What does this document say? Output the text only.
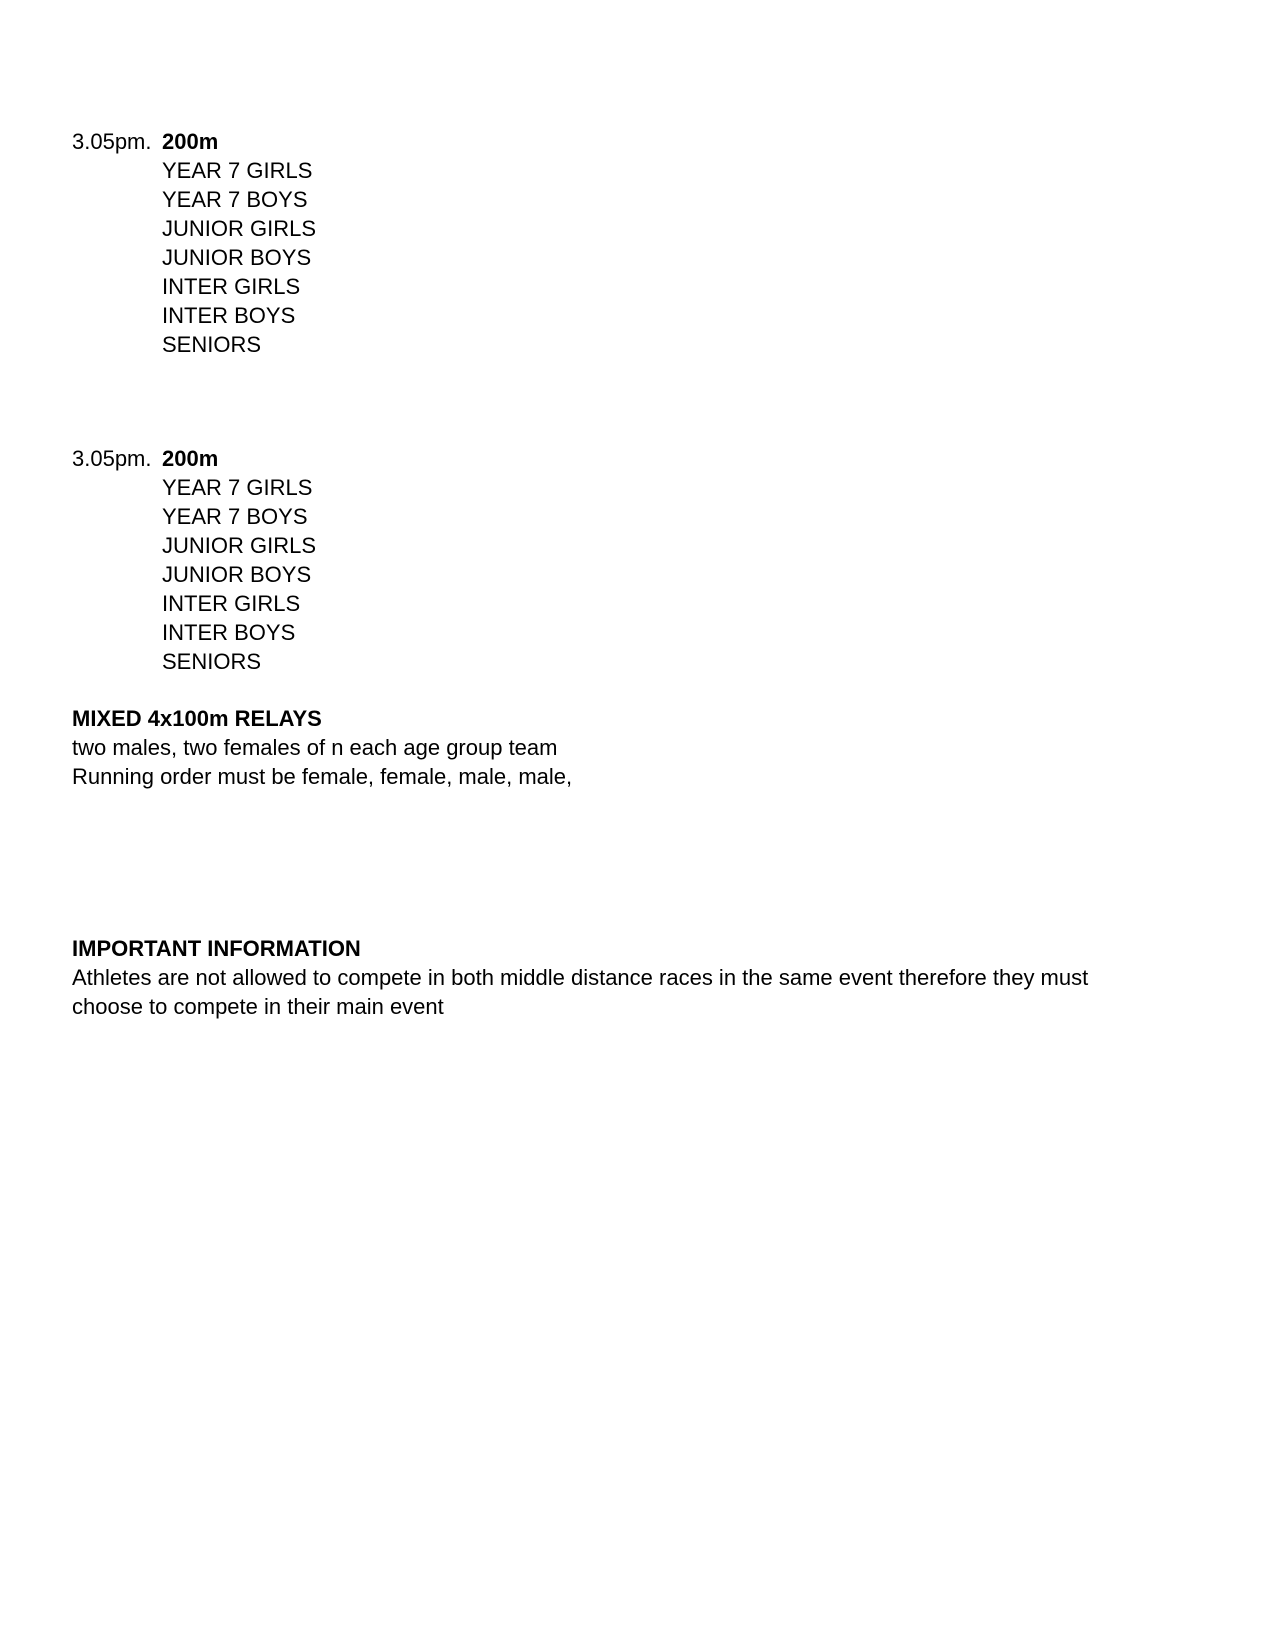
3.05pm. 200m
YEAR 7 GIRLS
YEAR 7 BOYS
JUNIOR GIRLS
JUNIOR BOYS
INTER GIRLS
INTER BOYS
SENIORS
3.05pm. 200m
YEAR 7 GIRLS
YEAR 7 BOYS
JUNIOR GIRLS
JUNIOR BOYS
INTER GIRLS
INTER BOYS
SENIORS
MIXED 4x100m RELAYS
two males, two females of n each age group team
Running order must be female, female, male, male,
IMPORTANT INFORMATION
Athletes are not allowed to compete in both middle distance races in the same event therefore they must
choose to compete in their main event
